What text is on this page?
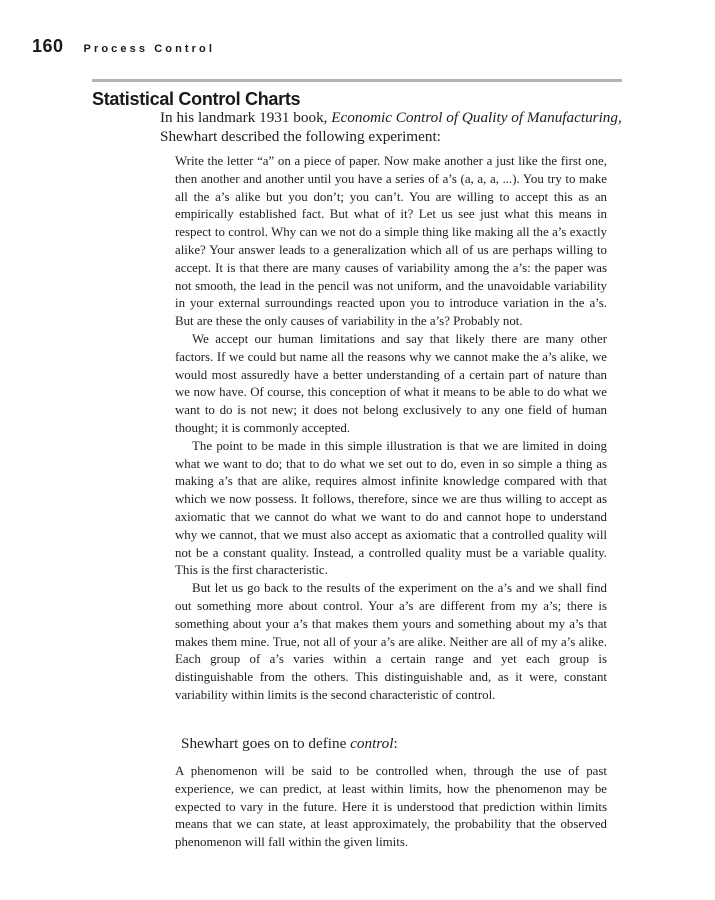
160 Process Control
Statistical Control Charts

In his landmark 1931 book, Economic Control of Quality of Manufacturing, Shewhart described the following experiment:

Write the letter “a” on a piece of paper. Now make another a just like the first one, then another and another until you have a series of a’s (a, a, a, ...). You try to make all the a’s alike but you don’t; you can’t. You are willing to accept this as an empirically established fact. But what of it? Let us see just what this means in respect to control. Why can we not do a simple thing like making all the a’s exactly alike? Your answer leads to a generalization which all of us are perhaps willing to accept. It is that there are many causes of variability among the a’s: the paper was not smooth, the lead in the pencil was not uniform, and the unavoidable variability in your external surroundings reacted upon you to introduce variation in the a’s. But are these the only causes of variability in the a’s? Probably not.

We accept our human limitations and say that likely there are many other factors. If we could but name all the reasons why we cannot make the a’s alike, we would most assuredly have a better understanding of a certain part of nature than we now have. Of course, this conception of what it means to be able to do what we want to do is not new; it does not belong exclusively to any one field of human thought; it is commonly accepted.

The point to be made in this simple illustration is that we are limited in doing what we want to do; that to do what we set out to do, even in so simple a thing as making a’s that are alike, requires almost infinite knowledge compared with that which we now possess. It follows, therefore, since we are thus willing to accept as axiomatic that we cannot do what we want to do and cannot hope to understand why we cannot, that we must also accept as axiomatic that a controlled quality will not be a constant quality. Instead, a controlled quality must be a variable quality. This is the first characteristic.

But let us go back to the results of the experiment on the a’s and we shall find out something more about control. Your a’s are different from my a’s; there is something about your a’s that makes them yours and something about my a’s that makes them mine. True, not all of your a’s are alike. Neither are all of my a’s alike. Each group of a’s varies within a certain range and yet each group is distinguishable from the others. This distinguishable and, as it were, constant variability within limits is the second characteristic of control.

Shewhart goes on to define control:

A phenomenon will be said to be controlled when, through the use of past experience, we can predict, at least within limits, how the phenomenon may be expected to vary in the future. Here it is understood that prediction within limits means that we can state, at least approximately, the probability that the observed phenomenon will fall within the given limits.
